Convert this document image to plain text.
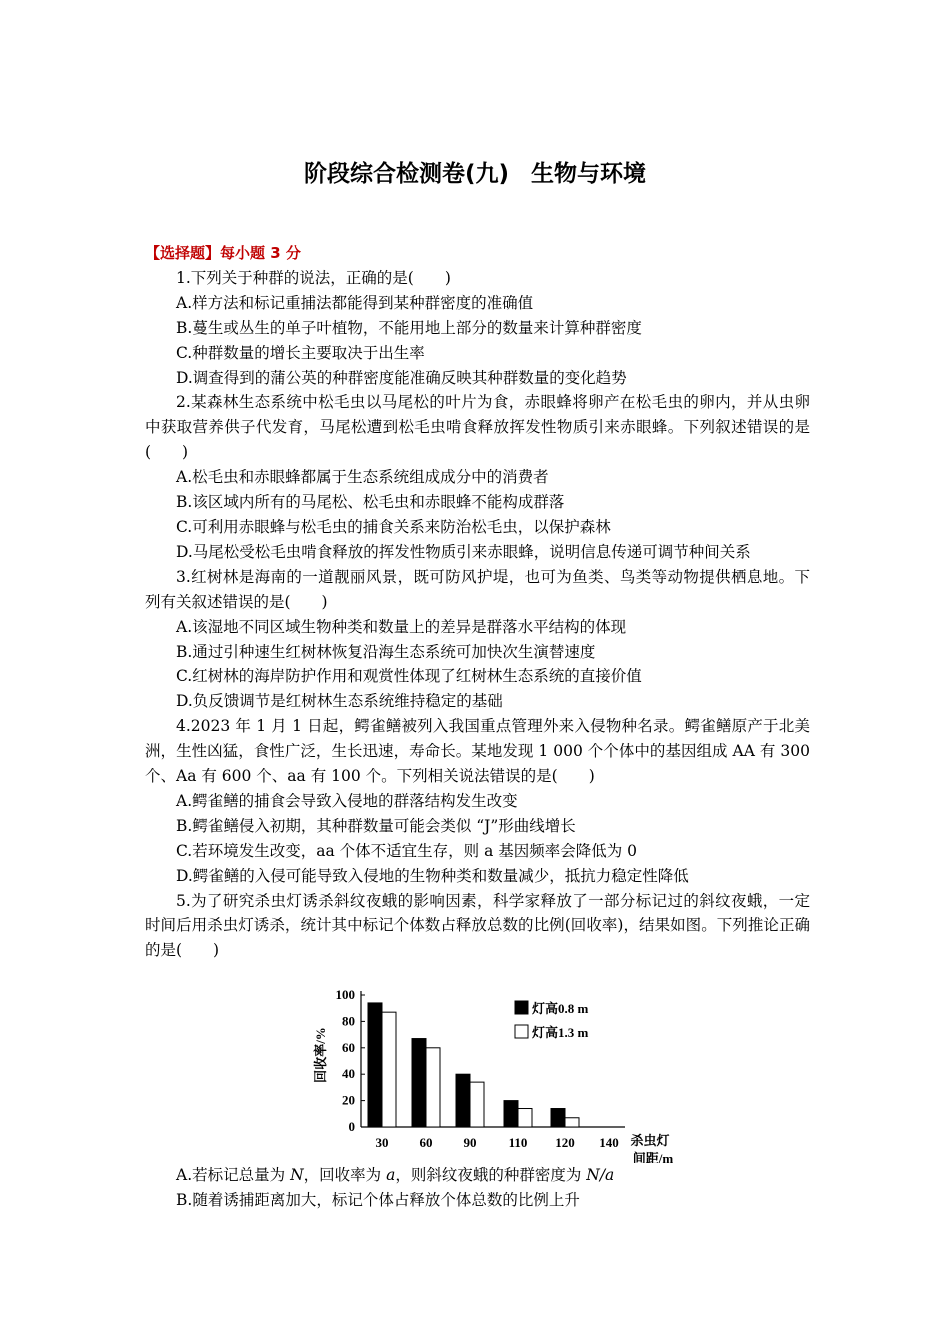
阶段综合检测卷(九) 生物与环境
【选择题】每小题 3 分
1.下列关于种群的说法，正确的是(　　)
A.样方法和标记重捕法都能得到某种群密度的准确值
B.蔓生或丛生的单子叶植物，不能用地上部分的数量来计算种群密度
C.种群数量的增长主要取决于出生率
D.调查得到的蒲公英的种群密度能准确反映其种群数量的变化趋势
2.某森林生态系统中松毛虫以马尾松的叶片为食，赤眼蜂将卵产在松毛虫的卵内，并从虫卵中获取营养供子代发育，马尾松遭到松毛虫啃食释放挥发性物质引来赤眼蜂。下列叙述错误的是(　　)
A.松毛虫和赤眼蜂都属于生态系统组成成分中的消费者
B.该区域内所有的马尾松、松毛虫和赤眼蜂不能构成群落
C.可利用赤眼蜂与松毛虫的捕食关系来防治松毛虫，以保护森林
D.马尾松受松毛虫啃食释放的挥发性物质引来赤眼蜂，说明信息传递可调节种间关系
3.红树林是海南的一道靓丽风景，既可防风护堤，也可为鱼类、鸟类等动物提供栖息地。下列有关叙述错误的是(　　)
A.该湿地不同区域生物种类和数量上的差异是群落水平结构的体现
B.通过引种速生红树林恢复沿海生态系统可加快次生演替速度
C.红树林的海岸防护作用和观赏性体现了红树林生态系统的直接价值
D.负反馈调节是红树林生态系统维持稳定的基础
4.2023 年 1 月 1 日起，鳄雀鳝被列入我国重点管理外来入侵物种名录。鳄雀鳝原产于北美洲，生性凶猛，食性广泛，生长迅速，寿命长。某地发现 1 000 个个体中的基因组成 AA 有 300 个、Aa 有 600 个、aa 有 100 个。下列相关说法错误的是(　　)
A.鳄雀鳝的捕食会导致入侵地的群落结构发生改变
B.鳄雀鳝侵入初期，其种群数量可能会类似 “J”形曲线增长
C.若环境发生改变，aa 个体不适宜生存，则 a 基因频率会降低为 0
D.鳄雀鳝的入侵可能导致入侵地的生物种类和数量减少，抵抗力稳定性降低
5.为了研究杀虫灯诱杀斜纹夜蛾的影响因素，科学家释放了一部分标记过的斜纹夜蛾，一定时间后用杀虫灯诱杀，统计其中标记个体数占释放总数的比例(回收率)，结果如图。下列推论正确的是(　　)
0
20
40
60
80
100
回收率/%
30 60 90 110 120 140 杀虫灯
间距/m
灯高0.8 m
灯高1.3 m
A.若标记总量为 N，回收率为 a，则斜纹夜蛾的种群密度为 N/a
B.随着诱捕距离加大，标记个体占释放个体总数的比例上升
